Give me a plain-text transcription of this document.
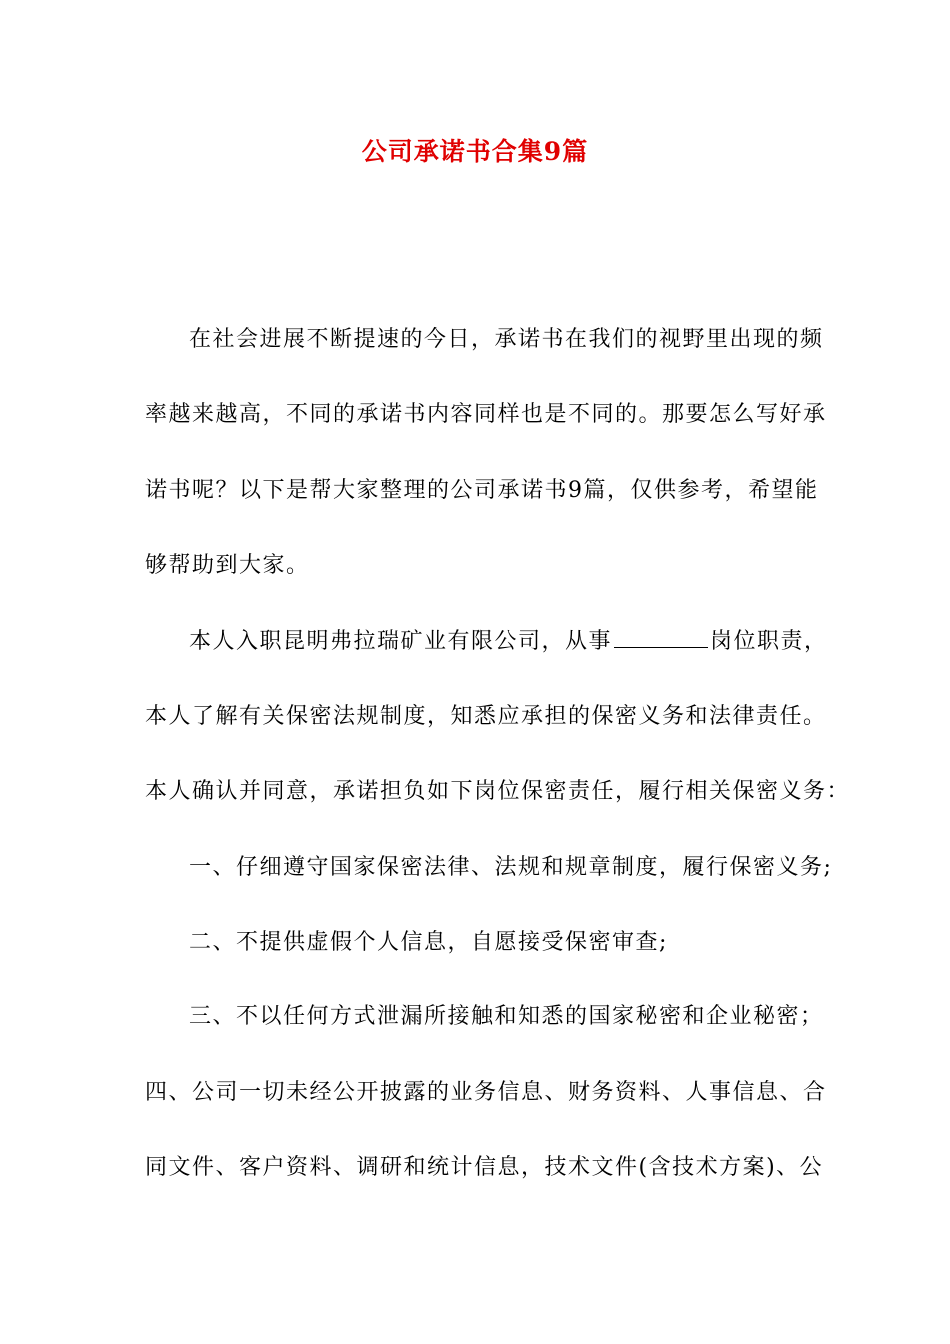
公司承诺书合集9篇
在社会进展不断提速的今日，承诺书在我们的视野里出现的频
率越来越高，不同的承诺书内容同样也是不同的。那要怎么写好承
诺书呢？以下是帮大家整理的公司承诺书9篇，仅供参考，希望能
够帮助到大家。
本人入职昆明弗拉瑞矿业有限公司，从事	岗位职责，
本人了解有关保密法规制度，知悉应承担的保密义务和法律责任。
本人确认并同意，承诺担负如下岗位保密责任，履行相关保密义务：
一、仔细遵守国家保密法律、法规和规章制度，履行保密义务;
二、不提供虚假个人信息，自愿接受保密审查;
三、不以任何方式泄漏所接触和知悉的国家秘密和企业秘密；
四、公司一切未经公开披露的业务信息、财务资料、人事信息、合
同文件、客户资料、调研和统计信息，技术文件(含技术方案)、公
